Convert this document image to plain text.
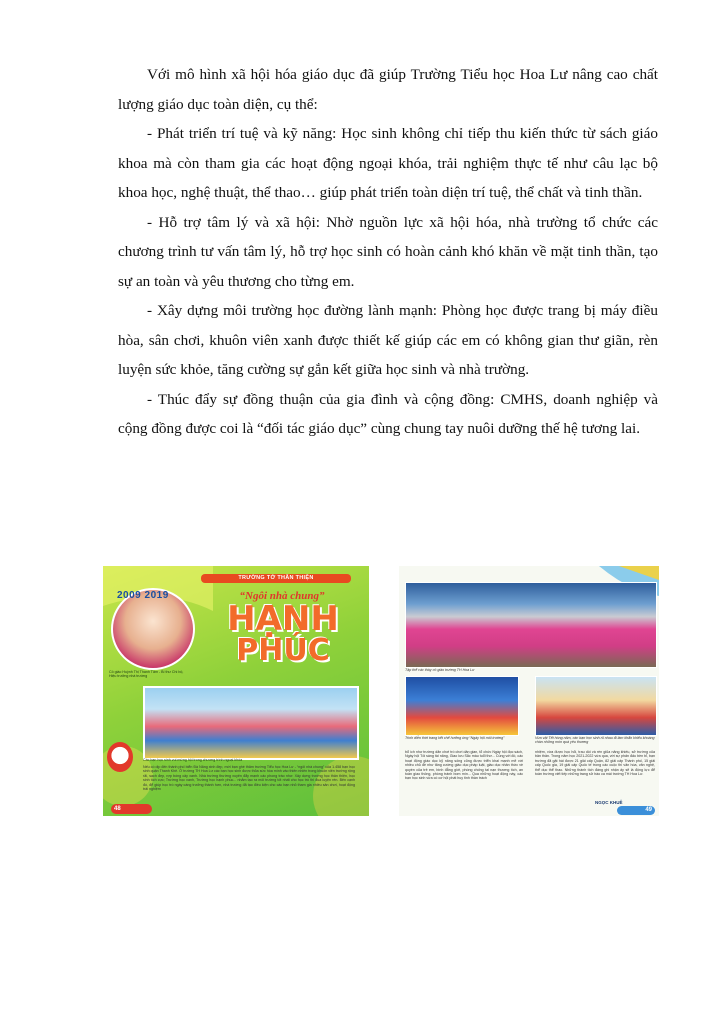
Với mô hình xã hội hóa giáo dục đã giúp Trường Tiểu học Hoa Lư nâng cao chất lượng giáo dục toàn diện, cụ thể:

- Phát triển trí tuệ và kỹ năng: Học sinh không chỉ tiếp thu kiến thức từ sách giáo khoa mà còn tham gia các hoạt động ngoại khóa, trải nghiệm thực tế như câu lạc bộ khoa học, nghệ thuật, thể thao… giúp phát triển toàn diện trí tuệ, thể chất và tinh thần.

- Hỗ trợ tâm lý và xã hội: Nhờ nguồn lực xã hội hóa, nhà trường tổ chức các chương trình tư vấn tâm lý, hỗ trợ học sinh có hoàn cảnh khó khăn về mặt tinh thần, tạo sự an toàn và yêu thương cho từng em.

- Xây dựng môi trường học đường lành mạnh: Phòng học được trang bị máy điều hòa, sân chơi, khuôn viên xanh được thiết kế giúp các em có không gian thư giãn, rèn luyện sức khỏe, tăng cường sự gắn kết giữa học sinh và nhà trường.

- Thúc đẩy sự đồng thuận của gia đình và cộng đồng: CMHS, doanh nghiệp và cộng đồng được coi là “đối tác giáo dục” cùng chung tay nuôi dưỡng thế hệ tương lai.

TRƯỜNG TỚ THÂN THIỆN
2009 2019
Cô giáo Huỳnh Thị Thanh Tâm - Bí thư Chi bộ, Hiệu trưởng nhà trường
“Ngôi nhà chung”
HẠNH
PHÚC
Các bạn học sinh vui mừng hội trong chương trình ngoại khóa
Nếu có dịp đến thành phố biển Đà Nẵng xinh đẹp, mời bạn ghé thăm trường Tiểu học Hoa Lư - “ngôi nhà chung” của 1.458 bạn học sinh quận Thanh Khê. Ở trường TH Hoa Lư các bạn học sinh được thỏa sức hòa mình vào thiên nhiên trong khuôn viên trường rộng rãi, sạch đẹp, rợp bóng cây xanh. Nhà trường thường xuyên đẩy mạnh các phong trào như: Xây dựng trường học thân thiện, học sinh tích cực; Trường học xanh, Trường học hạnh phúc... nhằm tạo ra môi trường tốt nhất cho học trò thi đua luyện rèn. Bên cạnh đó, để giúp học trò ngày càng trưởng thành hơn, nhà trường đã tạo điều kiện cho các bạn nhỏ tham gia nhiều sân chơi, hoạt động trải nghiệm
48
Tập thể các thầy cô giáo trường TH Hoa Lư
Trình diễn thời trang kết chế hưởng ứng “Ngày hội môi trường”	Vừa vặt Tết hồng năm, các bạn học sinh rủ nhau đi làm khẩn khiếu khoáng chần những món quà yêu thương
bổ ích như trường dẫn chơi trò chơi dân gian, tổ chức Ngày hội đọc sách, Ngày hội Tôi sáng tài năng, Giao lưu Sắc màu tuổi thơ... Cùng với đó, các hoạt động giáo dục kỹ năng sống cũng được triển khai mạnh mẽ với nhiều chủ đề như tăng cường giáo dục pháp luật, giáo dục nhân thức về quyền của trẻ em, bình đẳng giới, phòng chống tai nạn thương tích, an toàn giao thông, phòng tránh bom mìn... Qua những hoạt động này, các bạn học sinh vừa có cơ hội phát huy tinh thần trách
nhiệm, vừa được học hỏi, trau dồi và rèn giũa năng khiếu, sở trường của bản thân. Trong năm học 2021-2022 vừa qua, với sự phấn đấu bền bỉ, bạn trường đã gặt hái được 21 giải cấp Quận, 82 giải cấp Thành phố, 15 giải cấp Quốc gia, 19 giải cấp Quốc tế trong các cuộc thi văn hóa, văn nghệ, thể dục thể thao. Những thành tích đáng ghi nhận ấy sẽ là động lực để toàn trường viết tiếp những trang sử hào ca mái trường TH Hoa Lư.
NGỌC KHUÊ
49
